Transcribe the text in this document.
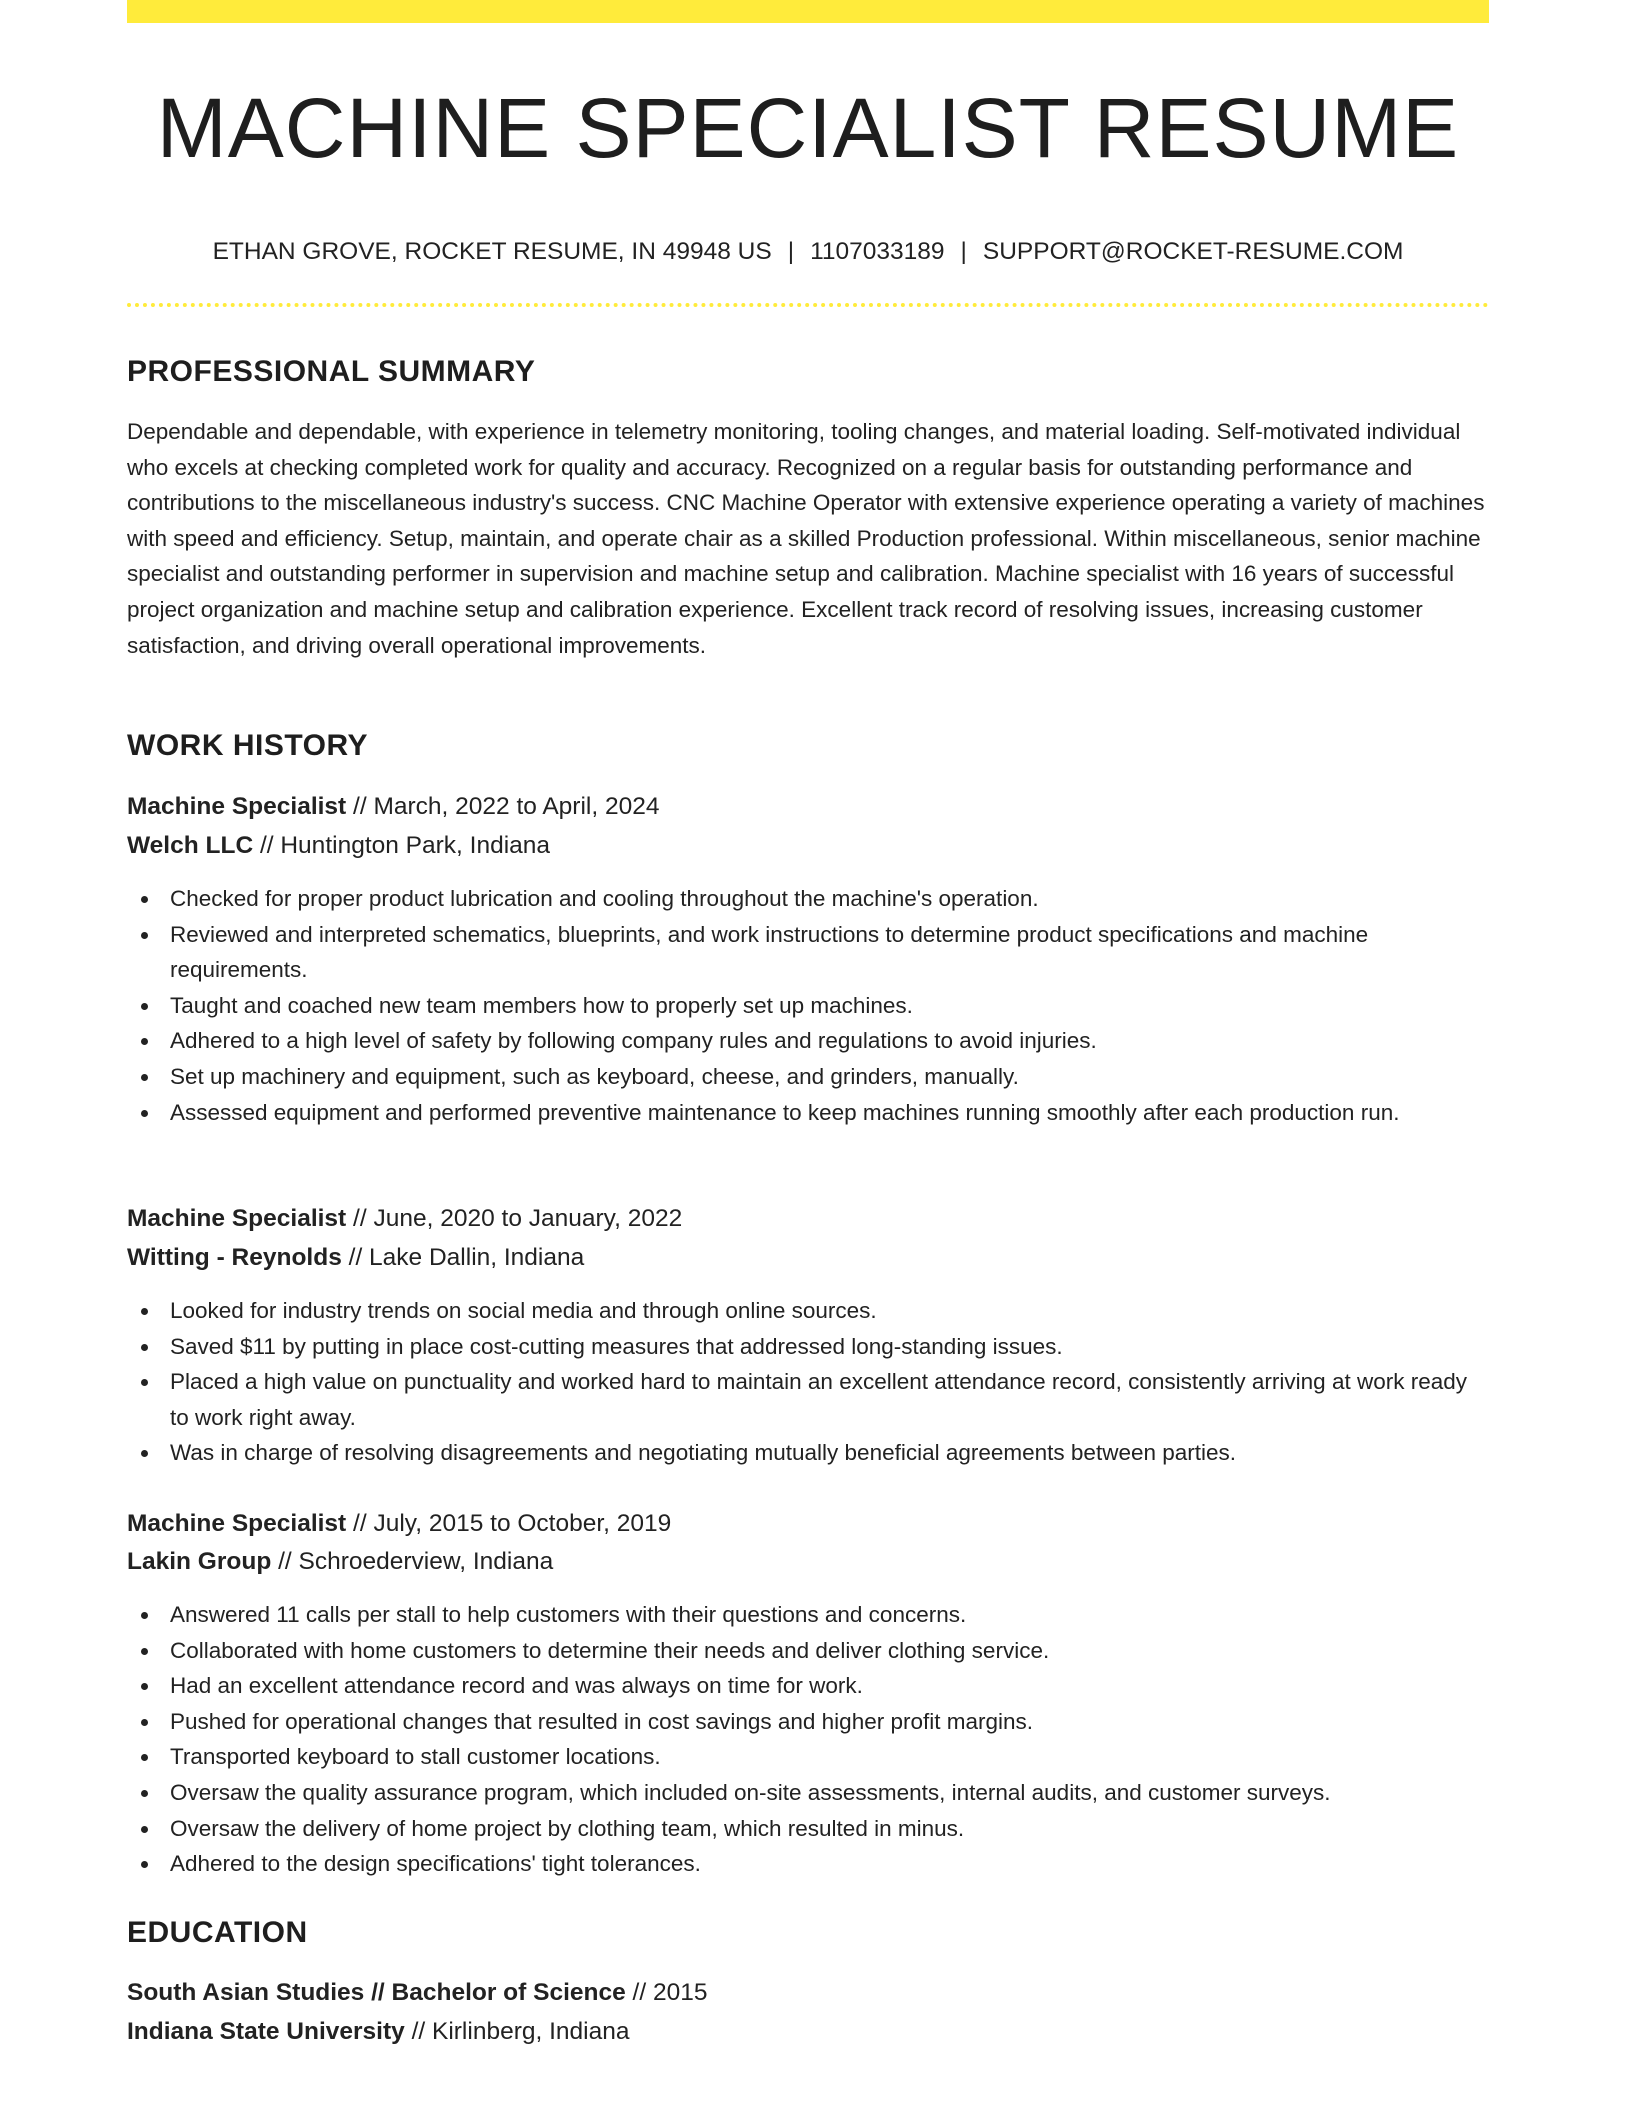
MACHINE SPECIALIST RESUME
ETHAN GROVE, ROCKET RESUME, IN 49948 US | 1107033189 | SUPPORT@ROCKET-RESUME.COM
PROFESSIONAL SUMMARY

Dependable and dependable, with experience in telemetry monitoring, tooling changes, and material loading. Self-motivated individual who excels at checking completed work for quality and accuracy. Recognized on a regular basis for outstanding performance and contributions to the miscellaneous industry's success. CNC Machine Operator with extensive experience operating a variety of machines with speed and efficiency. Setup, maintain, and operate chair as a skilled Production professional. Within miscellaneous, senior machine specialist and outstanding performer in supervision and machine setup and calibration. Machine specialist with 16 years of successful project organization and machine setup and calibration experience. Excellent track record of resolving issues, increasing customer satisfaction, and driving overall operational improvements.

WORK HISTORY
Machine Specialist // March, 2022 to April, 2024
Welch LLC // Huntington Park, Indiana
Checked for proper product lubrication and cooling throughout the machine's operation.
Reviewed and interpreted schematics, blueprints, and work instructions to determine product specifications and machine requirements.
Taught and coached new team members how to properly set up machines.
Adhered to a high level of safety by following company rules and regulations to avoid injuries.
Set up machinery and equipment, such as keyboard, cheese, and grinders, manually.
Assessed equipment and performed preventive maintenance to keep machines running smoothly after each production run.
Machine Specialist // June, 2020 to January, 2022
Witting - Reynolds // Lake Dallin, Indiana
Looked for industry trends on social media and through online sources.
Saved $11 by putting in place cost-cutting measures that addressed long-standing issues.
Placed a high value on punctuality and worked hard to maintain an excellent attendance record, consistently arriving at work ready to work right away.
Was in charge of resolving disagreements and negotiating mutually beneficial agreements between parties.
Machine Specialist // July, 2015 to October, 2019
Lakin Group // Schroederview, Indiana
Answered 11 calls per stall to help customers with their questions and concerns.
Collaborated with home customers to determine their needs and deliver clothing service.
Had an excellent attendance record and was always on time for work.
Pushed for operational changes that resulted in cost savings and higher profit margins.
Transported keyboard to stall customer locations.
Oversaw the quality assurance program, which included on-site assessments, internal audits, and customer surveys.
Oversaw the delivery of home project by clothing team, which resulted in minus.
Adhered to the design specifications' tight tolerances.
EDUCATION
South Asian Studies // Bachelor of Science // 2015
Indiana State University // Kirlinberg, Indiana
